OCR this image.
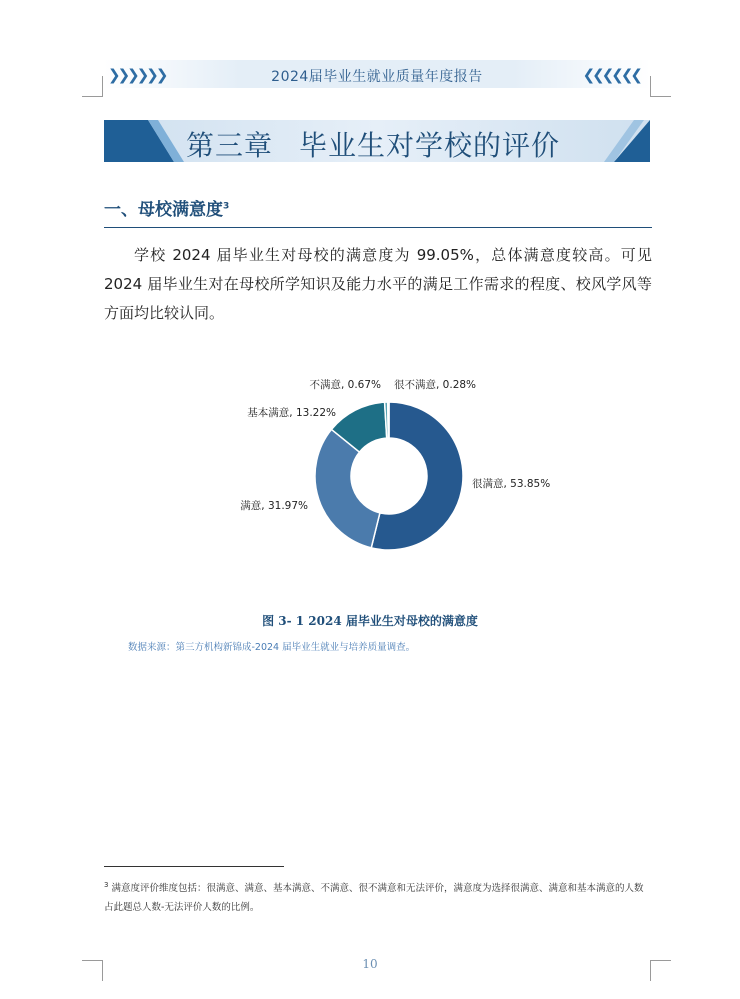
❯❯❯❯❯❯	2024届毕业生就业质量年度报告	❮❮❮❮❮❮
第三章 毕业生对学校的评价
一、母校满意度$^3$
学校 2024 届毕业生对母校的满意度为 99.05%，总体满意度较高。可见 2024 届毕业生对在母校所学知识及能力水平的满足工作需求的程度、校风学风等方面均比较认同。
很满意, 53.85%
满意, 31.97%
基本满意, 13.22%
不满意, 0.67% 很不满意, 0.28%
图 3- 1 2024 届毕业生对母校的满意度
数据来源：第三方机构新锦成-2024 届毕业生就业与培养质量调查。
$^3$ 满意度评价维度包括：很满意、满意、基本满意、不满意、很不满意和无法评价，满意度为选择很满意、满意和基本满意的人数占此题总人数-无法评价人数的比例。
10
